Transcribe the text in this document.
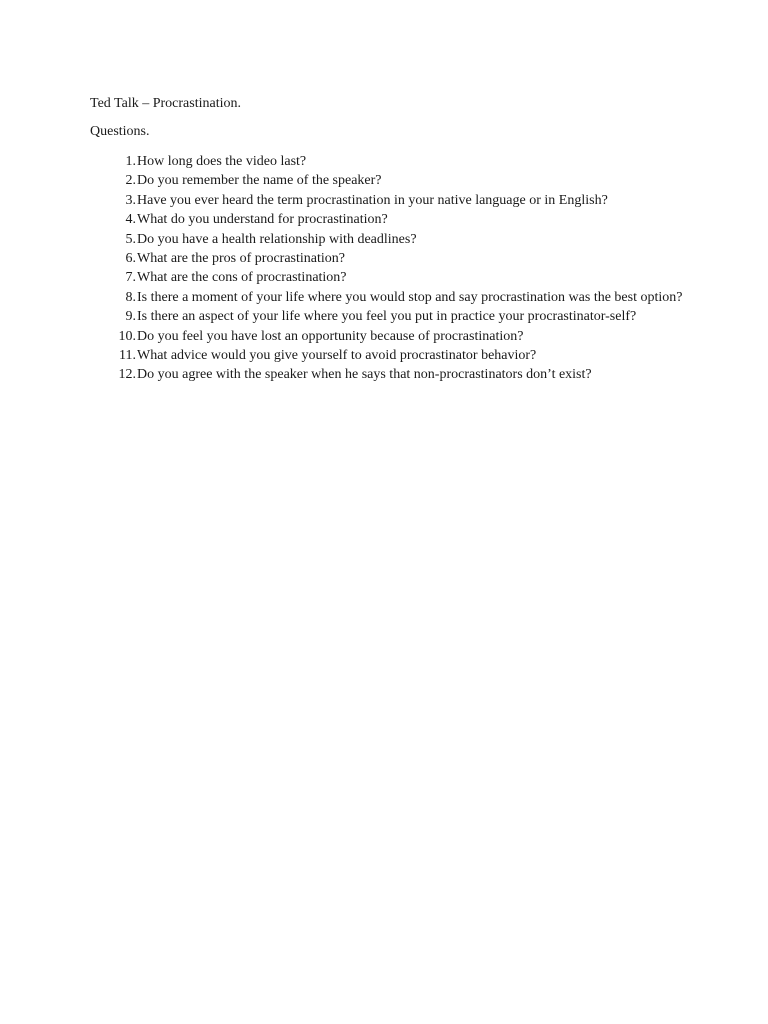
Ted Talk – Procrastination.
Questions.
1. How long does the video last?
2. Do you remember the name of the speaker?
3. Have you ever heard the term procrastination in your native language or in English?
4. What do you understand for procrastination?
5. Do you have a health relationship with deadlines?
6. What are the pros of procrastination?
7. What are the cons of procrastination?
8. Is there a moment of your life where you would stop and say procrastination was the best option?
9. Is there an aspect of your life where you feel you put in practice your procrastinator-self?
10. Do you feel you have lost an opportunity because of procrastination?
11. What advice would you give yourself to avoid procrastinator behavior?
12. Do you agree with the speaker when he says that non-procrastinators don’t exist?
